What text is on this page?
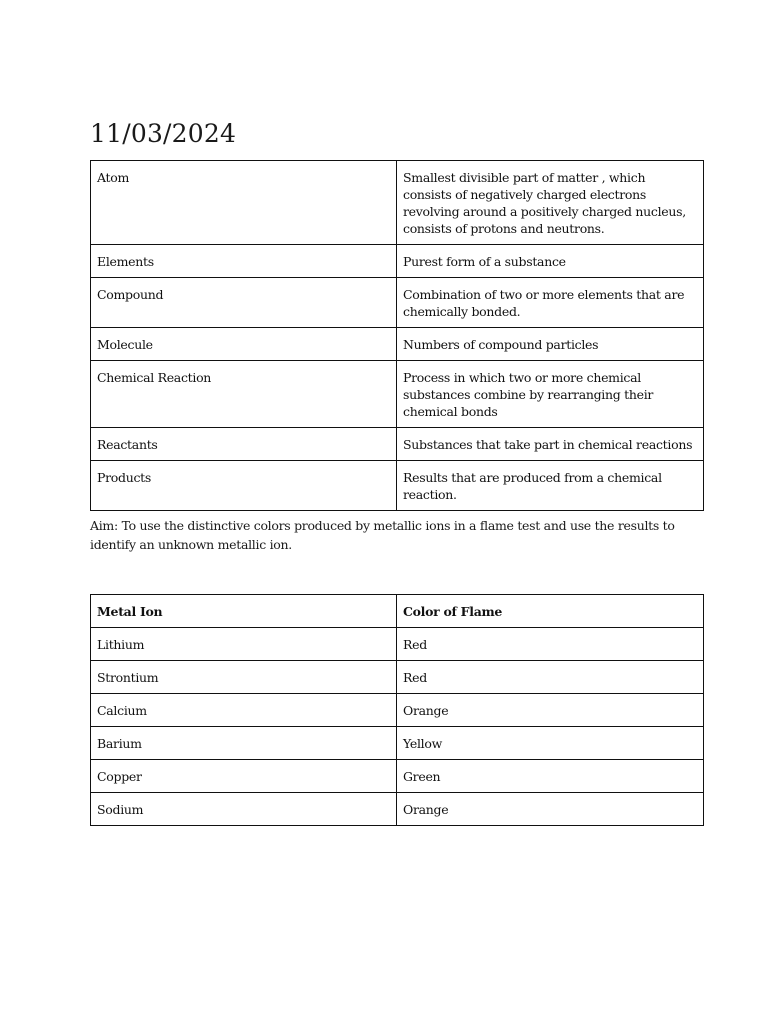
11/03/2024
Atom	Smallest divisible part of matter , which consists of negatively charged electrons revolving around a positively charged nucleus, consists of protons and neutrons.
Elements	Purest form of a substance
Compound	Combination of two or more elements that are chemically bonded.
Molecule	Numbers of compound particles
Chemical Reaction	Process in which two or more chemical substances combine by rearranging their chemical bonds
Reactants	Substances that take part in chemical reactions
Products	Results that are produced from a chemical reaction.
Aim: To use the distinctive colors produced by metallic ions in a flame test and use the results to identify an unknown metallic ion.
Metal Ion	Color of Flame
Lithium	Red
Strontium	Red
Calcium	Orange
Barium	Yellow
Copper	Green
Sodium	Orange
